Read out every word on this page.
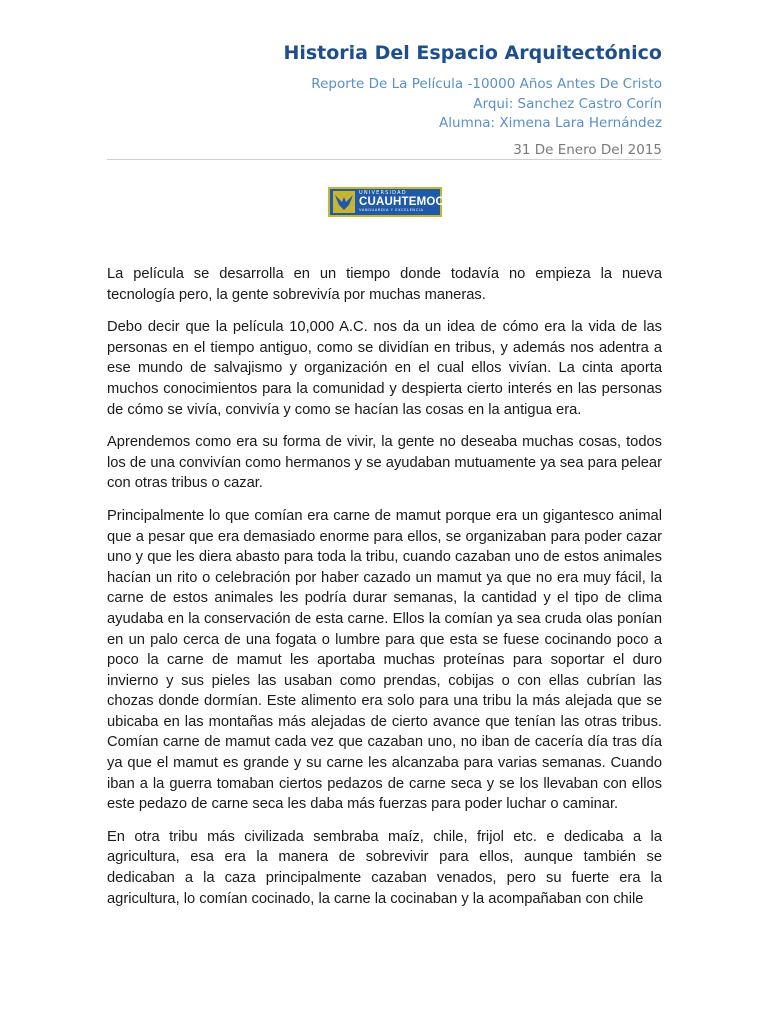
Historia Del Espacio Arquitectónico
Reporte De La Película -10000 Años Antes De Cristo
Arqui: Sanchez Castro Corín
Alumna: Ximena Lara Hernández
31 De Enero Del 2015
UNIVERSIDAD
CUAUHTEMOC
VANGUARDIA Y EXCELENCIA

La película se desarrolla en un tiempo donde todavía no empieza la nueva tecnología pero, la gente sobrevivía por muchas maneras.

Debo decir que la película 10,000 A.C. nos da un idea de cómo era la vida de las personas en el tiempo antiguo, como se dividían en tribus, y además nos adentra a ese mundo de salvajismo y organización en el cual ellos vivían. La cinta aporta muchos conocimientos para la comunidad y despierta cierto interés en las personas de cómo se vivía, convivía y como se hacían las cosas en la antigua era.

Aprendemos como era su forma de vivir, la gente no deseaba muchas cosas, todos los de una convivían como hermanos y se ayudaban mutuamente ya sea para pelear con otras tribus o cazar.

Principalmente lo que comían era carne de mamut porque era un gigantesco animal que a pesar que era demasiado enorme para ellos, se organizaban para poder cazar uno y que les diera abasto para toda la tribu, cuando cazaban uno de estos animales hacían un rito o celebración por haber cazado un mamut ya que no era muy fácil, la carne de estos animales les podría durar semanas, la cantidad y el tipo de clima ayudaba en la conservación de esta carne. Ellos la comían ya sea cruda olas ponían en un palo cerca de una fogata o lumbre para que esta se fuese cocinando poco a poco la carne de mamut les aportaba muchas proteínas para soportar el duro invierno y sus pieles las usaban como prendas, cobijas o con ellas cubrían las chozas donde dormían. Este alimento era solo para una tribu la más alejada que se ubicaba en las montañas más alejadas de cierto avance que tenían las otras tribus. Comían carne de mamut cada vez que cazaban uno, no iban de cacería día tras día ya que el mamut es grande y su carne les alcanzaba para varias semanas. Cuando iban a la guerra tomaban ciertos pedazos de carne seca y se los llevaban con ellos este pedazo de carne seca les daba más fuerzas para poder luchar o caminar.

En otra tribu más civilizada sembraba maíz, chile, frijol etc. e dedicaba a la agricultura, esa era la manera de sobrevivir para ellos, aunque también se dedicaban a la caza principalmente cazaban venados, pero su fuerte era la agricultura, lo comían cocinado, la carne la cocinaban y la acompañaban con chile
